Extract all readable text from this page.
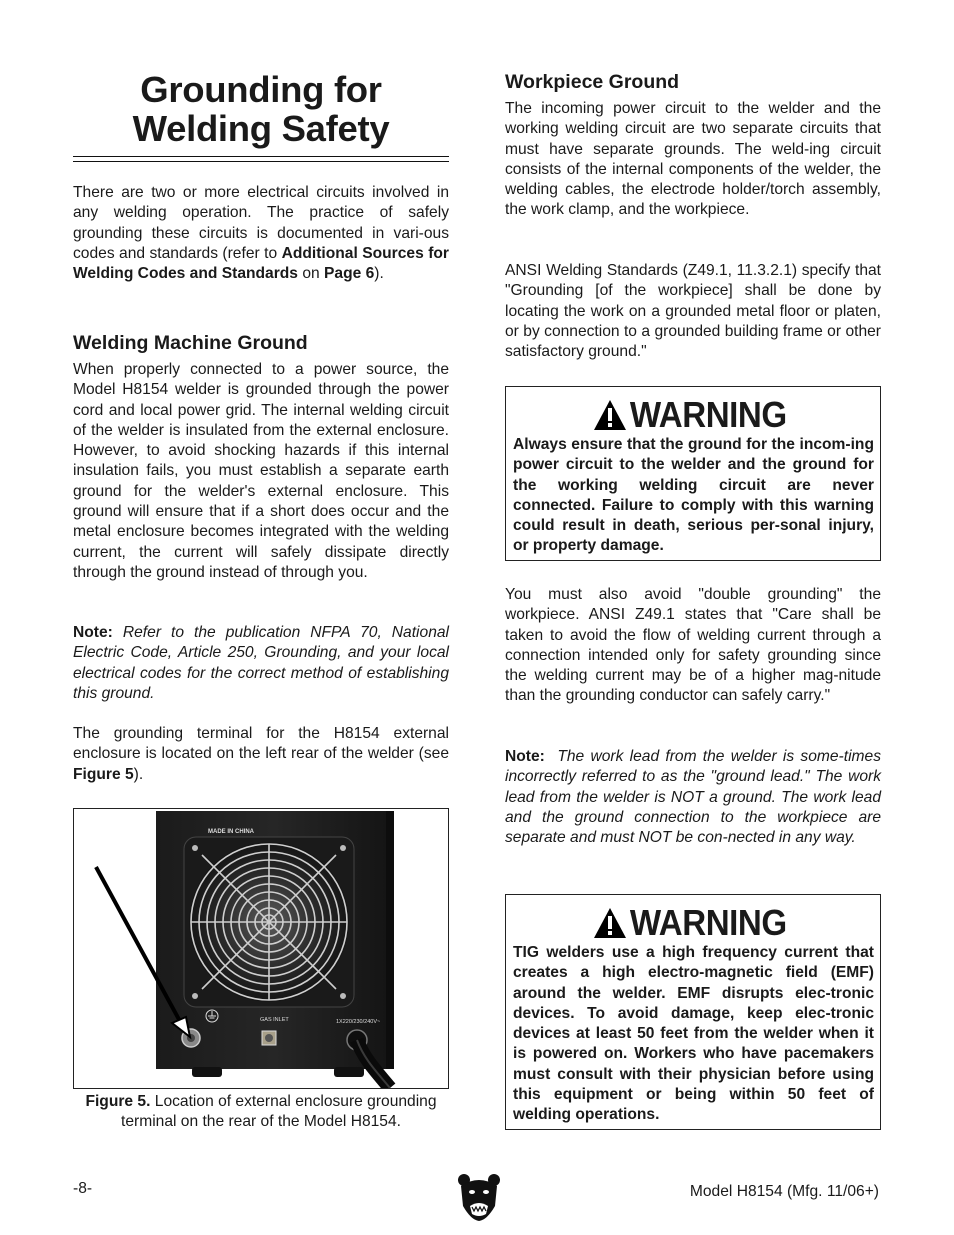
Grounding for
Welding Safety

There are two or more electrical circuits involved in any welding operation. The practice of safely grounding these circuits is documented in vari-ous codes and standards (refer to Additional Sources for Welding Codes and Standards on Page 6).

Welding Machine Ground

When properly connected to a power source, the Model H8154 welder is grounded through the power cord and local power grid. The internal welding circuit of the welder is insulated from the external enclosure. However, to avoid shocking hazards if this internal insulation fails, you must establish a separate earth ground for the welder's external enclosure. This ground will ensure that if a short does occur and the metal enclosure becomes integrated with the welding current, the current will safely dissipate directly through the ground instead of through you.

Note: Refer to the publication NFPA 70, National Electric Code, Article 250, Grounding, and your local electrical codes for the correct method of establishing this ground.

The grounding terminal for the H8154 external enclosure is located on the left rear of the welder (see Figure 5).

MADE IN CHINA
GAS INLET	1X220/230/240V~
Figure 5. Location of external enclosure grounding terminal on the rear of the Model H8154.
Workpiece Ground

The incoming power circuit to the welder and the working welding circuit are two separate circuits that must have separate grounds. The weld-ing circuit consists of the internal components of the welder, the welding cables, the electrode holder/torch assembly, the work clamp, and the workpiece.

ANSI Welding Standards (Z49.1, 11.3.2.1) specify that "Grounding [of the workpiece] shall be done by locating the work on a grounded metal floor or platen, or by connection to a grounded building frame or other satisfactory ground."

WARNING
Always ensure that the ground for the incom-ing power circuit to the welder and the ground for the working welding circuit are never connected. Failure to comply with this warning could result in death, serious per-sonal injury, or property damage.

You must also avoid "double grounding" the workpiece. ANSI Z49.1 states that "Care shall be taken to avoid the flow of welding current through a connection intended only for safety grounding since the welding current may be of a higher mag-nitude than the grounding conductor can safely carry."

Note: The work lead from the welder is some-times incorrectly referred to as the "ground lead." The work lead from the welder is NOT a ground. The work lead and the ground connection to the workpiece are separate and must NOT be con-nected in any way.

WARNING
TIG welders use a high frequency current that creates a high electro-magnetic field (EMF) around the welder. EMF disrupts elec-tronic devices. To avoid damage, keep elec-tronic devices at least 50 feet from the welder when it is powered on. Workers who have pacemakers must consult with their physician before using this equipment or being within 50 feet of welding operations.
-8-	Model H8154 (Mfg. 11/06+)
